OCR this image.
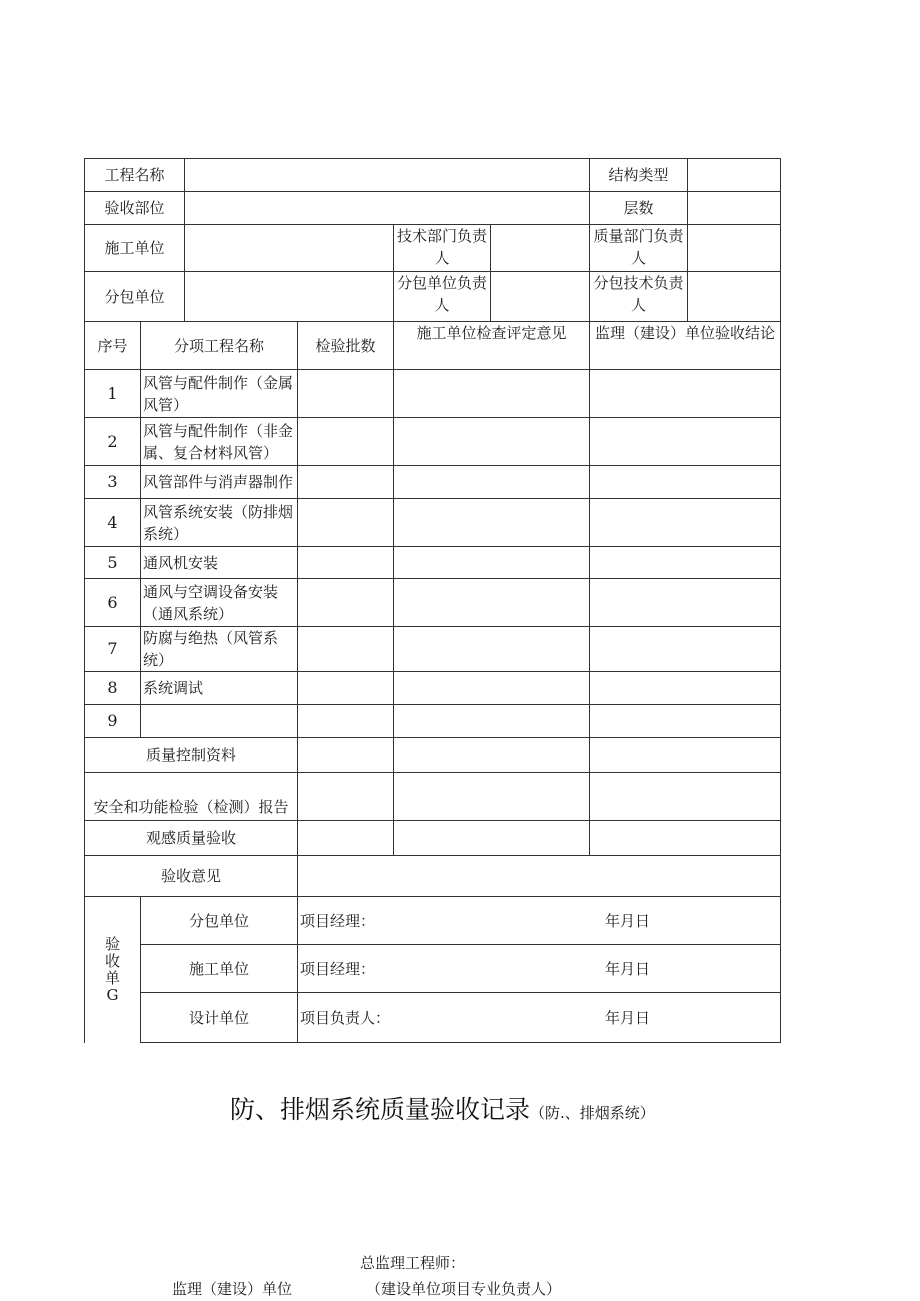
工程名称						结构类型	
验收部位						层数	
施工单位				技术部门负责人		质量部门负责人	
分包单位				分包单位负责人		分包技术负责人	
序号	分项工程名称		检验批数	施工单位检查评定意见		监理（建设）单位验收结论	
1	风管与配件制作（金属风管）						
2	风管与配件制作（非金属、复合材料风管）						
3	风管部件与消声器制作						
4	风管系统安装（防排烟系统）						
5	通风机安装						
6	通风与空调设备安装（通风系统）						
7	防腐与绝热（风管系统）						
8	系统调试						
9							
质量控制资料							
安全和功能检验（检测）报告							
观感质量验收							
验收意见							

验收单 G	分包单位		项目经理： 年月日				

	施工单位		项目经理： 年月日				

	设计单位		项目负责人： 年月日				
防、排烟系统质量验收记录（防.、排烟系统）
总监理工程师：
监理（建设）单位	（建设单位项目专业负责人）
